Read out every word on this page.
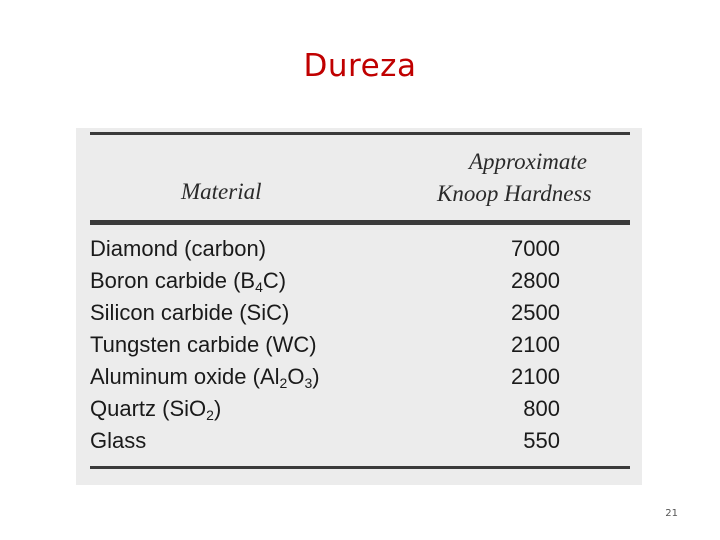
Dureza
Approximate
Material	Knoop Hardness
Diamond (carbon)	7000
Boron carbide $(B_4C)$	2800
Silicon carbide (SiC)	2500
Tungsten carbide (WC)	2100
Aluminum oxide $(Al_2O_3)$	2100
Quartz (SiO$_2$)	800
Glass	550
21
